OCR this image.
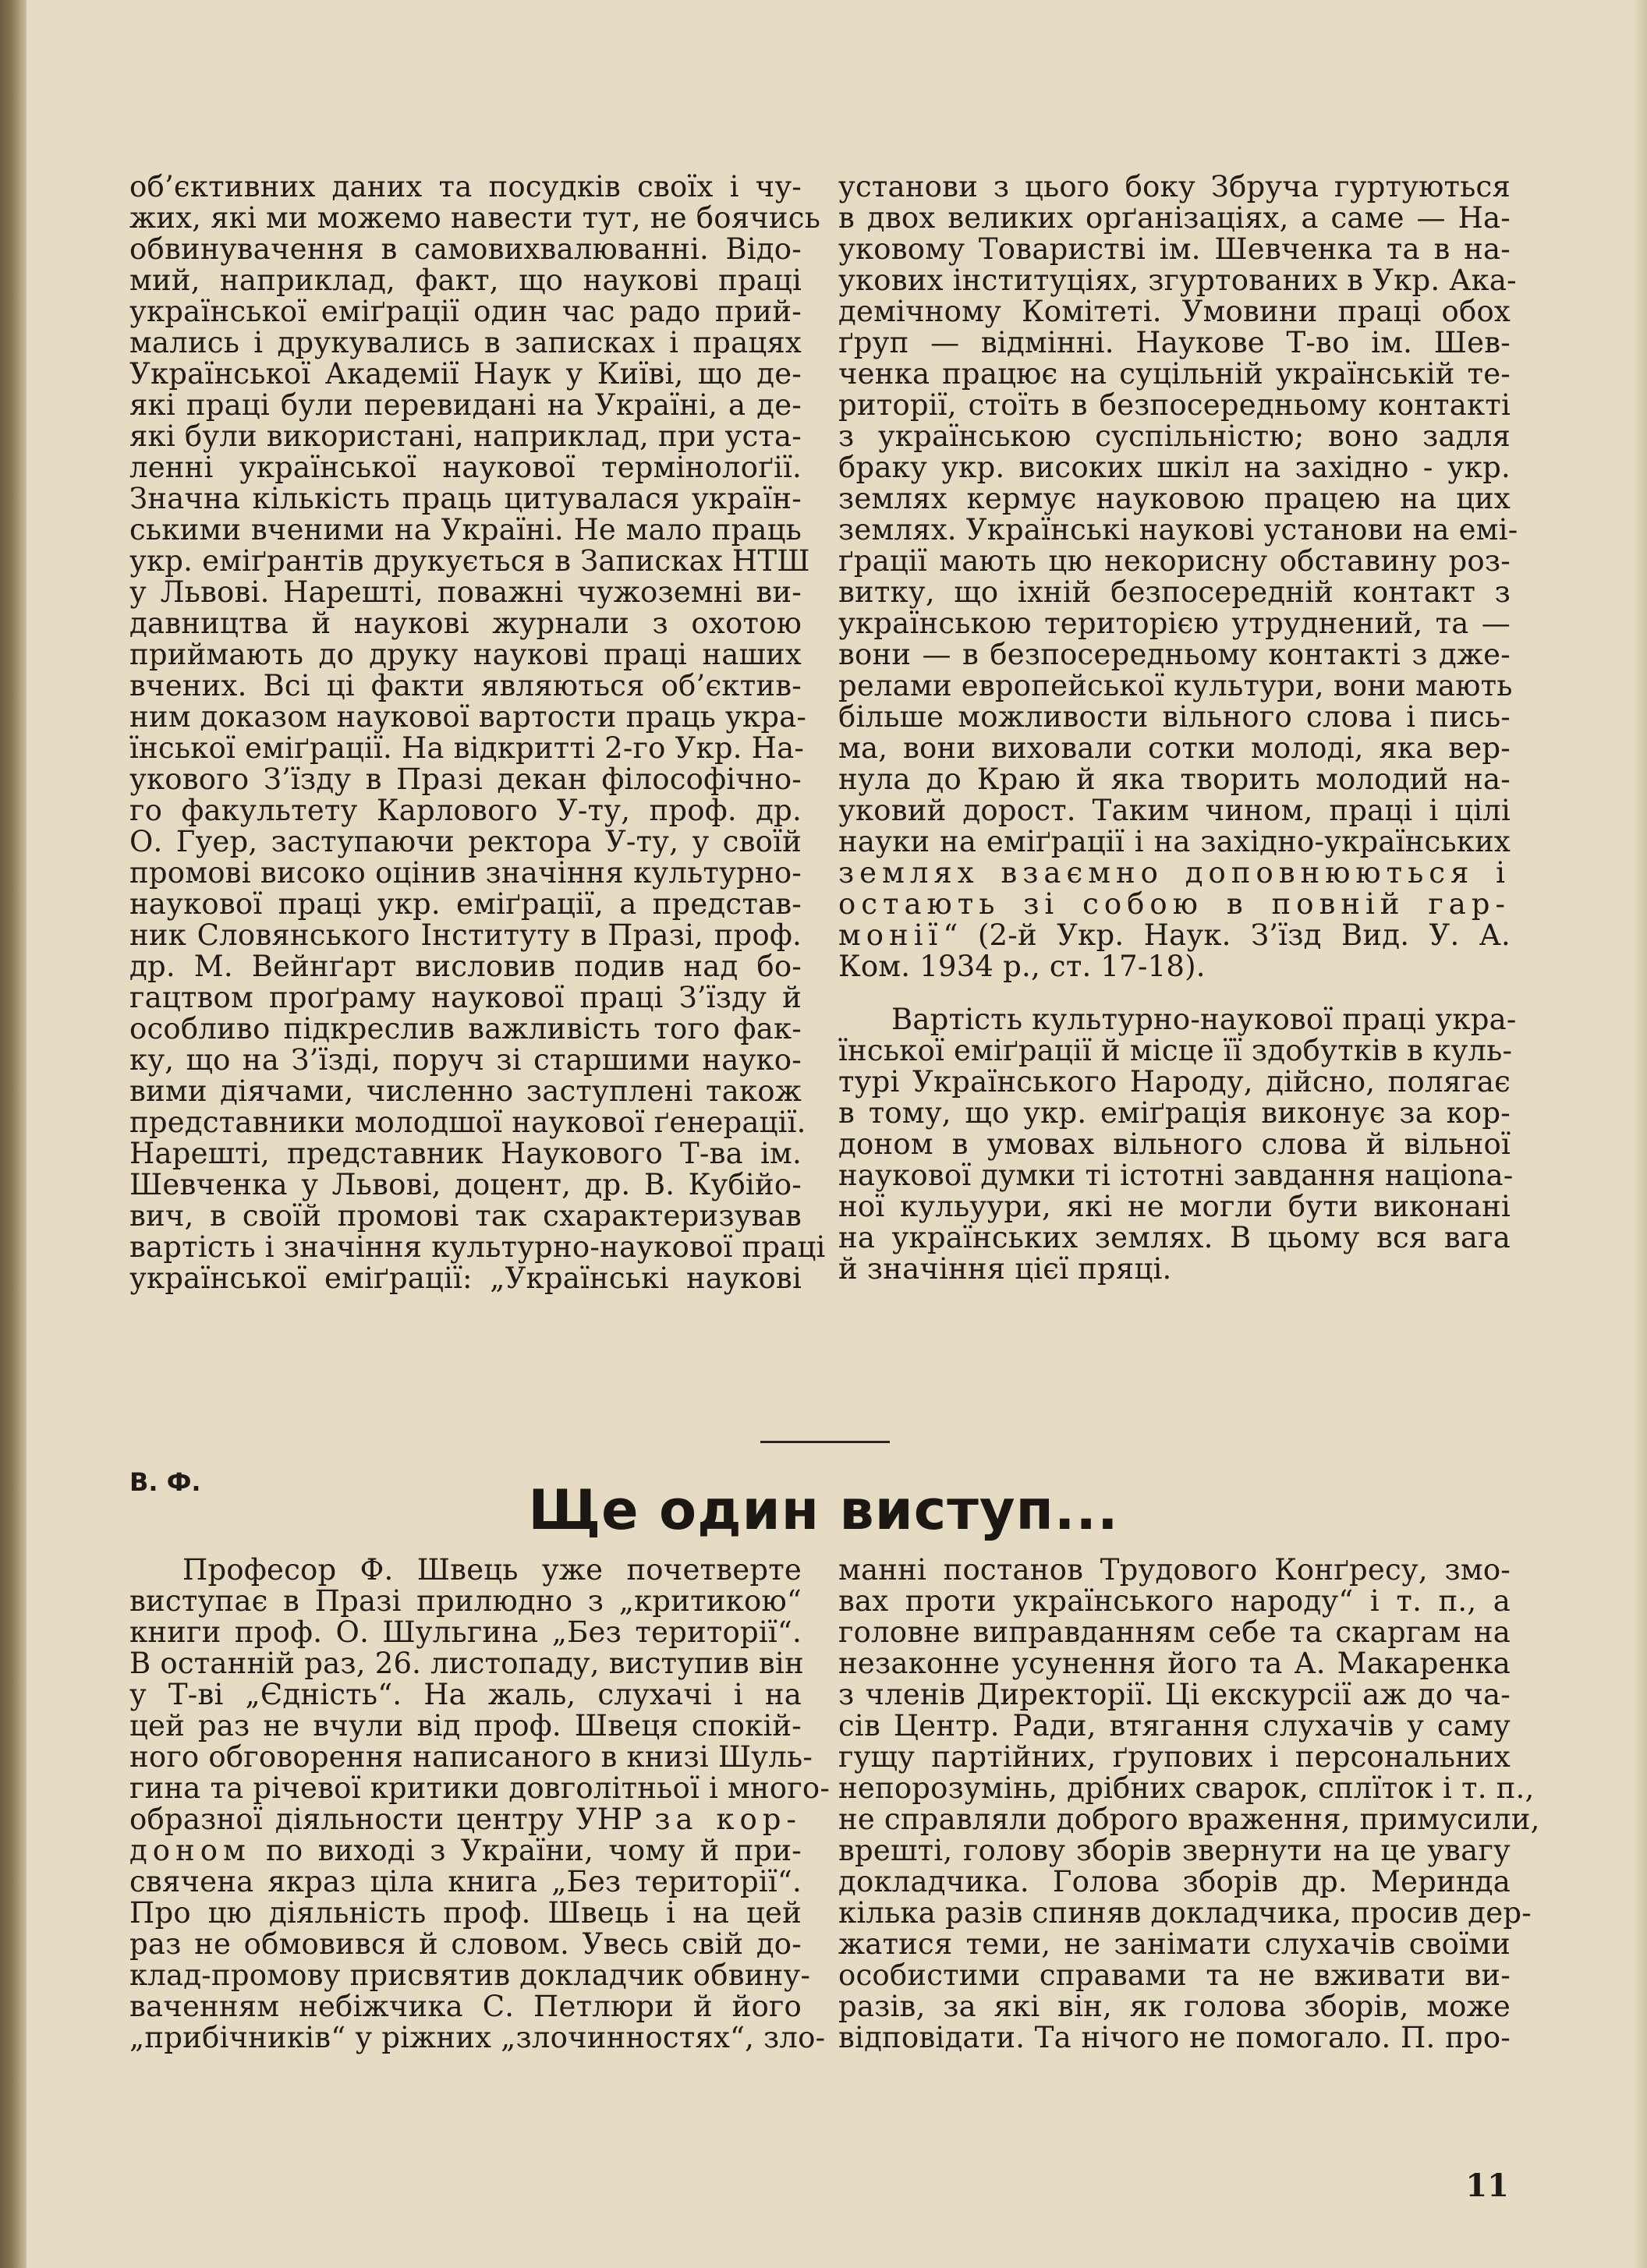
об’єктивних даних та посудків своїх і чу-
жих, які ми можемо навести тут, не боячись
обвинувачення в самовихвалюванні. Відо-
мий, наприклад, факт, що наукові праці
української еміґрації один час радо прий-
мались і друкувались в записках і працях
Української Академії Наук у Київі, що де-
які праці були перевидані на Україні, а де-
які були використані, наприклад, при уста-
ленні української наукової термінолоґії.
Значна кількість праць цитувалася україн-
ськими вченими на Україні. Не мало праць
укр. еміґрантів друкується в Записках НТШ
у Львові. Нарешті, поважні чужоземні ви-
давництва й наукові журнали з охотою
приймають до друку наукові праці наших
вчених. Всі ці факти являються об’єктив-
ним доказом наукової вартости праць укра-
їнської еміґрації. На відкритті 2-го Укр. На-
укового З’їзду в Празі декан філософічно-
го факультету Карлового У-ту, проф. др.
О. Гуер, заступаючи ректора У-ту, у своїй
промові високо оцінив значіння культурно-
наукової праці укр. еміґрації, а представ-
ник Словянського Інституту в Празі, проф.
др. М. Вейнґарт висловив подив над бо-
гацтвом проґраму наукової праці З’їзду й
особливо підкреслив важливість того фак-
ку, що на З’їзді, поруч зі старшими науко-
вими діячами, численно заступлені також
представники молодшої наукової ґенерації.
Нарешті, представник Наукового Т-ва ім.
Шевченка у Львові, доцент, др. В. Кубійо-
вич, в своїй промові так схарактеризував
вартість і значіння культурно-наукової праці
української еміґрації: „Українські наукові
установи з цього боку Збруча гуртуються
в двох великих орґанізаціях, а саме — На-
уковому Товаристві ім. Шевченка та в на-
укових інституціях, згуртованих в Укр. Ака-
демічному Комітеті. Умовини праці обох
ґруп — відмінні. Наукове Т-во ім. Шев-
ченка працює на суцільній українській те-
риторії, стоїть в безпосередньому контакті
з українською суспільністю; воно задля
браку укр. високих шкіл на західно - укр.
землях кермує науковою працею на цих
землях. Українські наукові установи на емі-
ґрації мають цю некорисну обставину роз-
витку, що іхній безпосередній контакт з
українською територією утруднений, та —
вони — в безпосередньому контакті з дже-
релами европейської культури, вони мають
більше можливости вільного слова і пись-
ма, вони виховали сотки молоді, яка вер-
нула до Краю й яка творить молодий на-
уковий дорост. Таким чином, праці і цілі
науки на еміґрації і на західно-українських
землях взаємно доповнюються і
остають зі собою в повній гар-
монії“ (2-й Укр. Наук. З’їзд Вид. У. А.
Ком. 1934 р., ст. 17-18).
Вартість культурно-наукової праці укра-
їнської еміґрації й місце її здобутків в куль-
турі Українського Народу, дійсно, полягає
в тому, що укр. еміґрація виконує за кор-
доном в умовах вільного слова й вільної
наукової думки ті істотні завдання націona-
ної кульуури, які не могли бути виконані
на українських землях. В цьому вся вага
й значіння цієї пряці.
В. Ф.	Ще один виступ...
Професор Ф. Швець уже почетверте
виступає в Празі прилюдно з „критикою“
книги проф. О. Шульгина „Без території“.
В останній раз, 26. листопаду, виступив він
у Т-ві „Єдність“. На жаль, слухачі і на
цей раз не вчули від проф. Швеця спокій-
ного обговорення написаного в книзі Шуль-
гина та річевої критики довголітньої і много-
образної діяльности центру УНР за кор-
доном по виході з України, чому й при-
свячена якраз ціла книга „Без території“.
Про цю діяльність проф. Швець і на цей
раз не обмовився й словом. Увесь свій до-
клад-промову присвятив докладчик обвину-
ваченням небіжчика С. Петлюри й його
„прибічників“ у ріжних „злочинностях“, зло-
манні постанов Трудового Конґресу, змо-
вах проти українського народу“ і т. п., а
головне виправданням себе та скаргам на
незаконне усунення його та А. Макаренка
з членів Директорії. Ці екскурсії аж до ча-
сів Центр. Ради, втягання слухачів у саму
гущу партійних, ґрупових і персональних
непорозумінь, дрібних сварок, сплїток і т. п.,
не справляли доброго враження, примусили,
врешті, голову зборів звернути на це увагу
докладчика. Голова зборів др. Меринда
кілька разів спиняв докладчика, просив дер-
жатися теми, не занімати слухачів своїми
особистими справами та не вживати ви-
разів, за які він, як голова зборів, може
відповідати. Та нічого не помогало. П. про-
11
